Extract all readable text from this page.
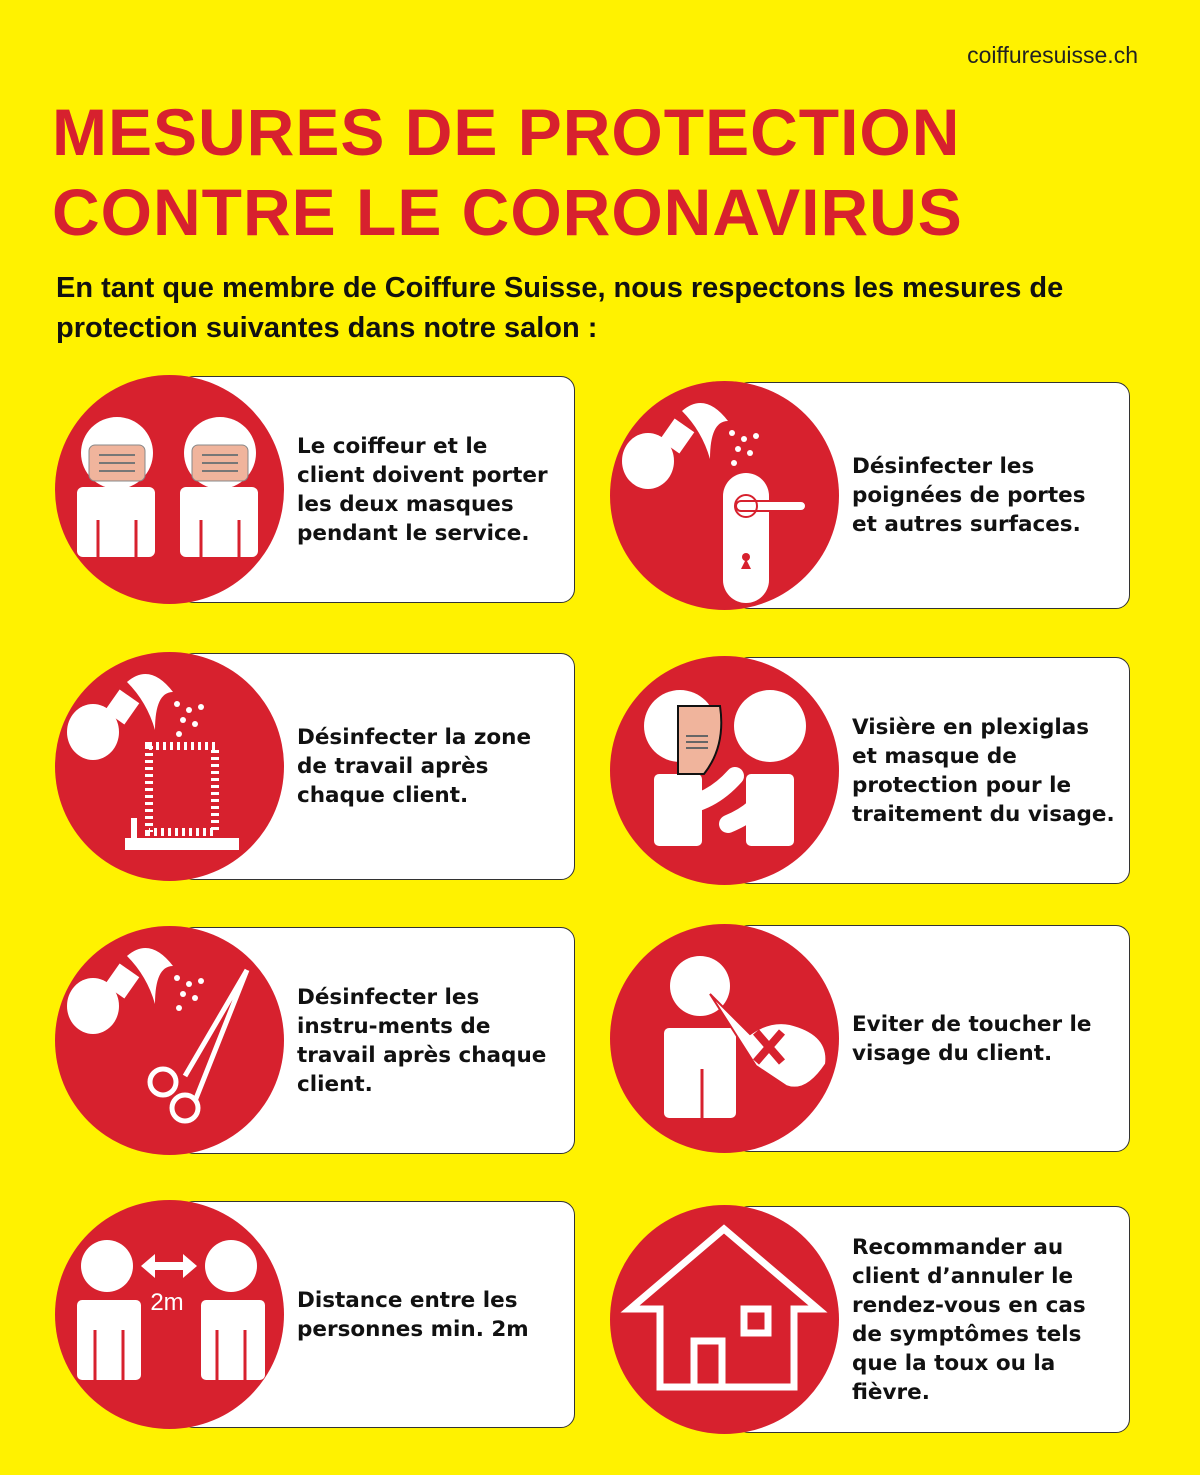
coiffuresuisse.ch
MESURES DE PROTECTION
CONTRE LE CORONAVIRUS

En tant que membre de Coiffure Suisse, nous respectons les mesures de protection suivantes dans notre salon :

Le coiffeur et le client doivent porter les deux masques pendant le service.
Désinfecter les poignées de portes et autres surfaces.
Désinfecter la zone de travail après chaque client.
Visière en plexiglas et masque de protection pour le traitement du visage.
Désinfecter les instru-ments de travail après chaque client.
Eviter de toucher le visage du client.
2m	Distance entre les personnes min. 2m
Recommander au client d’annuler le rendez-vous en cas de symptômes tels que la toux ou la fièvre.
